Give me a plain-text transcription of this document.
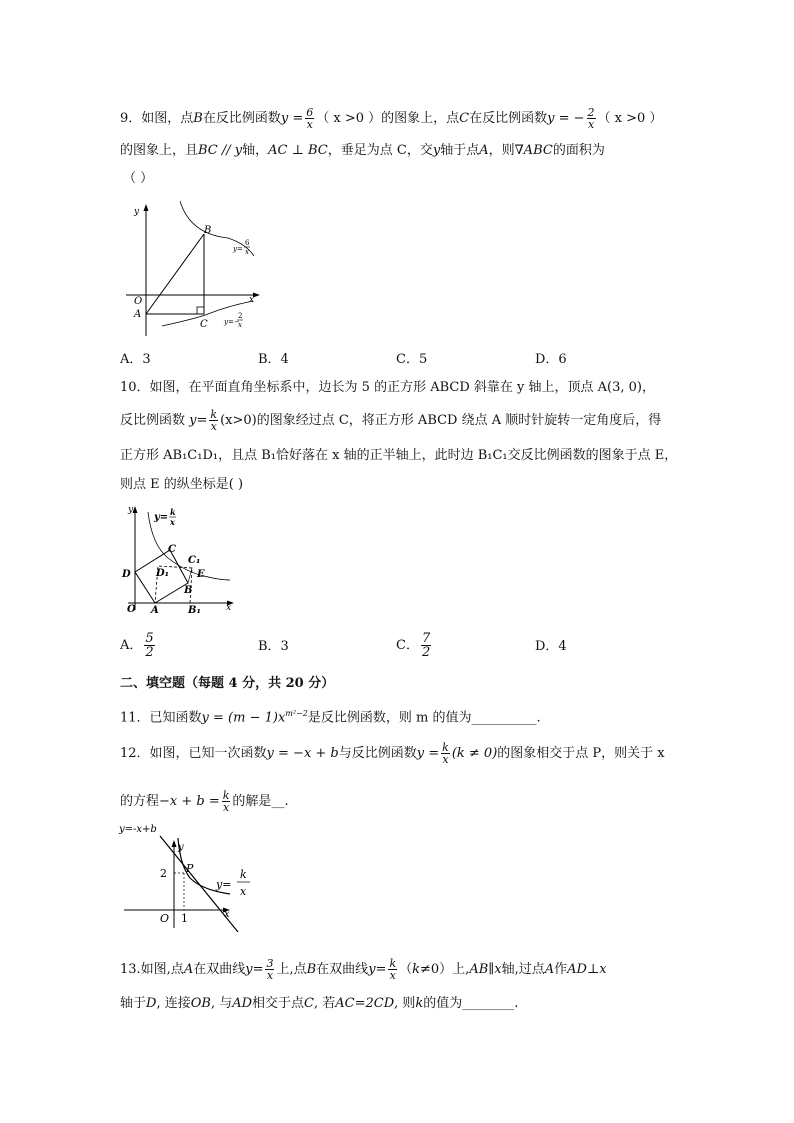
9．如图，点B在反比例函数$y = \frac{6}{x}$ （ x >0 ）的图象上，点C在反比例函数y = − $\frac{2}{x}$ （ x >0 ）
的图象上，且BC // y轴，AC ⊥ BC，垂足为点 C，交y轴于点A，则∇ABC的面积为
（ ）
y
x
O
A
B
C
y=
6
x
y=−
2
x
A．3	B．4	C．5	D．6
10．如图，在平面直角坐标系中，边长为 5 的正方形 ABCD 斜靠在 y 轴上，顶点 A(3, 0)，
反比例函数 $y= \frac{k}{x} (x>0)$的图象经过点 C，将正方形 ABCD 绕点 A 顺时针旋转一定角度后，得
正方形 AB₁C₁D₁，且点 B₁恰好落在 x 轴的正半轴上，此时边 B₁C₁交反比例函数的图象于点 E，
则点 E 的纵坐标是( )
y
x
y= k
x
O A	B₁
B
C
C₁
D	D₁	E
A． $\frac{5}{2}$	B．3	C． $\frac{7}{2}$	D．4
二、填空题（每题 4 分，共 20 分）
11．已知函数$y = (m - 1)x^{m^2-2}$是反比例函数，则 m 的值为__________.
12．如图，已知一次函数y = −x + b与反比例函数$y = \frac{k}{x} (k \ne 0)$的图象相交于点 P，则关于 x
的方程$-x + b = \frac{k}{x}$ 的解是__.
y=-x+b
y
x
O
P
2
1
y=
k
x
13.如图,点A在双曲线$y= \frac{3}{x}$ 上,点B在双曲线$y= \frac{k}{x} (k\ne 0)$上,AB∥x轴,过点A作AD⊥x
轴于D, 连接OB, 与AD相交于点C, 若AC=2CD, 则k的值为________.
